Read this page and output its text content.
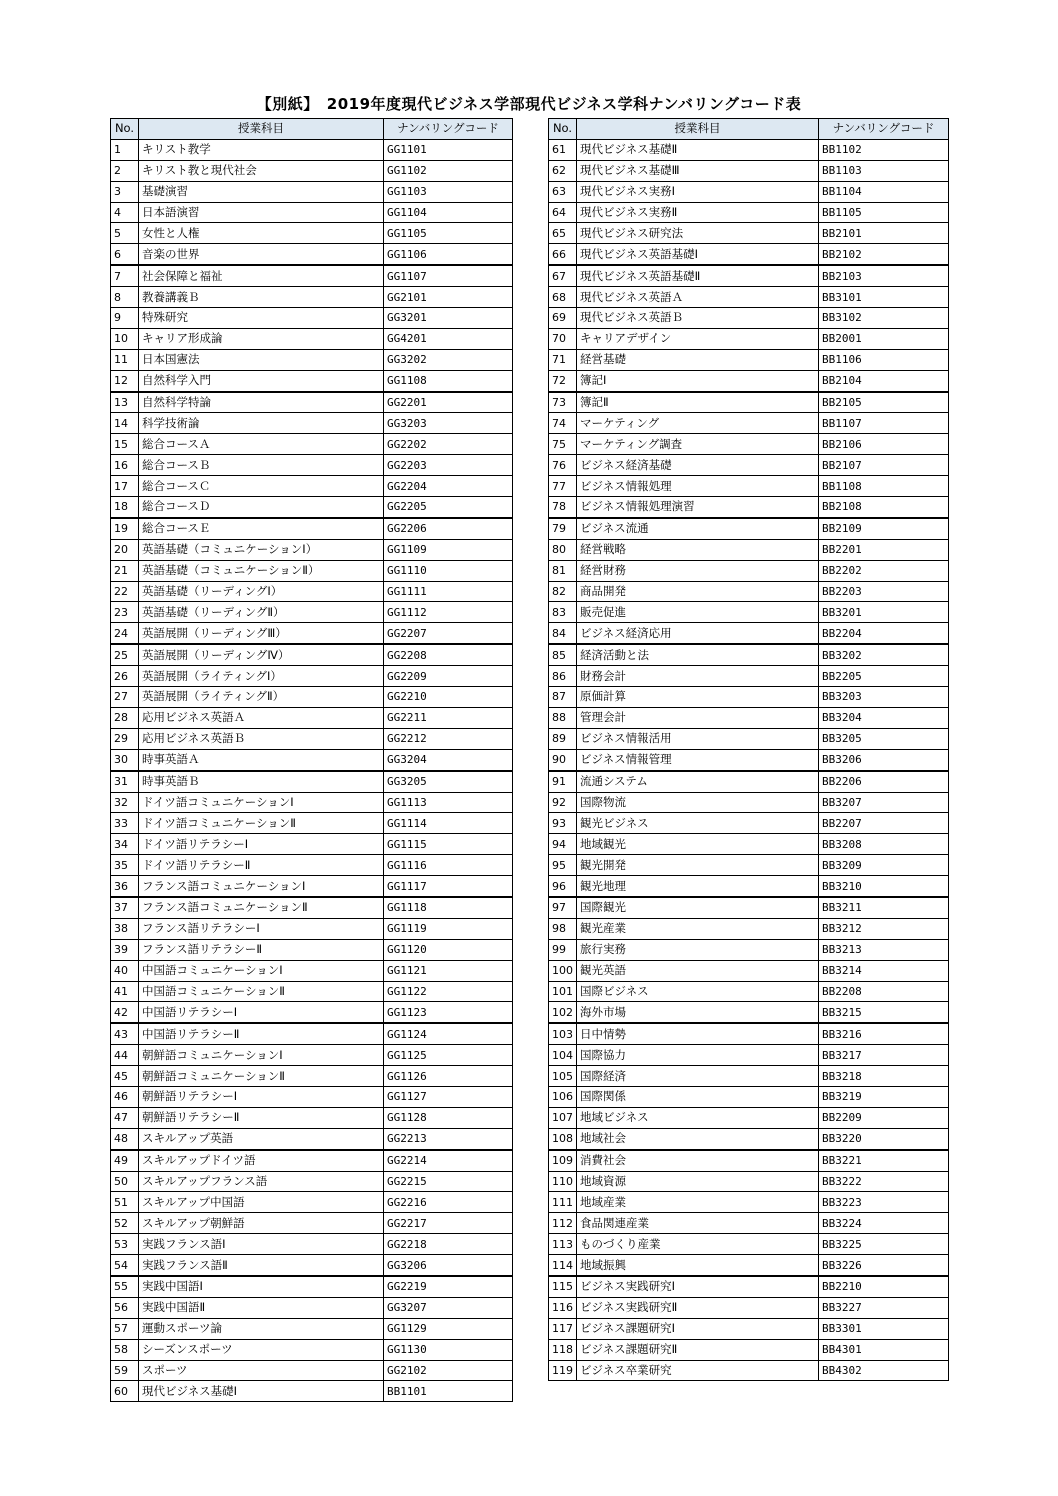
【別紙】　2019年度現代ビジネス学部現代ビジネス学科ナンバリングコード表
No.	授業科目	ナンバリングコード
1	キリスト教学	GG1101
2	キリスト教と現代社会	GG1102
3	基礎演習	GG1103
4	日本語演習	GG1104
5	女性と人権	GG1105
6	音楽の世界	GG1106
7	社会保障と福祉	GG1107
8	教養講義Ｂ	GG2101
9	特殊研究	GG3201
10	キャリア形成論	GG4201
11	日本国憲法	GG3202
12	自然科学入門	GG1108
13	自然科学特論	GG2201
14	科学技術論	GG3203
15	総合コースＡ	GG2202
16	総合コースＢ	GG2203
17	総合コースＣ	GG2204
18	総合コースＤ	GG2205
19	総合コースＥ	GG2206
20	英語基礎（コミュニケーションⅠ）	GG1109
21	英語基礎（コミュニケーションⅡ）	GG1110
22	英語基礎（リーディングⅠ）	GG1111
23	英語基礎（リーディングⅡ）	GG1112
24	英語展開（リーディングⅢ）	GG2207
25	英語展開（リーディングⅣ）	GG2208
26	英語展開（ライティングⅠ）	GG2209
27	英語展開（ライティングⅡ）	GG2210
28	応用ビジネス英語Ａ	GG2211
29	応用ビジネス英語Ｂ	GG2212
30	時事英語Ａ	GG3204
31	時事英語Ｂ	GG3205
32	ドイツ語コミュニケーションⅠ	GG1113
33	ドイツ語コミュニケーションⅡ	GG1114
34	ドイツ語リテラシーⅠ	GG1115
35	ドイツ語リテラシーⅡ	GG1116
36	フランス語コミュニケーションⅠ	GG1117
37	フランス語コミュニケーションⅡ	GG1118
38	フランス語リテラシーⅠ	GG1119
39	フランス語リテラシーⅡ	GG1120
40	中国語コミュニケーションⅠ	GG1121
41	中国語コミュニケーションⅡ	GG1122
42	中国語リテラシーⅠ	GG1123
43	中国語リテラシーⅡ	GG1124
44	朝鮮語コミュニケーションⅠ	GG1125
45	朝鮮語コミュニケーションⅡ	GG1126
46	朝鮮語リテラシーⅠ	GG1127
47	朝鮮語リテラシーⅡ	GG1128
48	スキルアップ英語	GG2213
49	スキルアップドイツ語	GG2214
50	スキルアップフランス語	GG2215
51	スキルアップ中国語	GG2216
52	スキルアップ朝鮮語	GG2217
53	実践フランス語Ⅰ	GG2218
54	実践フランス語Ⅱ	GG3206
55	実践中国語Ⅰ	GG2219
56	実践中国語Ⅱ	GG3207
57	運動スポーツ論	GG1129
58	シーズンスポーツ	GG1130
59	スポーツ	GG2102
60	現代ビジネス基礎Ⅰ	BB1101
No.	授業科目	ナンバリングコード
61	現代ビジネス基礎Ⅱ	BB1102
62	現代ビジネス基礎Ⅲ	BB1103
63	現代ビジネス実務Ⅰ	BB1104
64	現代ビジネス実務Ⅱ	BB1105
65	現代ビジネス研究法	BB2101
66	現代ビジネス英語基礎Ⅰ	BB2102
67	現代ビジネス英語基礎Ⅱ	BB2103
68	現代ビジネス英語Ａ	BB3101
69	現代ビジネス英語Ｂ	BB3102
70	キャリアデザイン	BB2001
71	経営基礎	BB1106
72	簿記Ⅰ	BB2104
73	簿記Ⅱ	BB2105
74	マーケティング	BB1107
75	マーケティング調査	BB2106
76	ビジネス経済基礎	BB2107
77	ビジネス情報処理	BB1108
78	ビジネス情報処理演習	BB2108
79	ビジネス流通	BB2109
80	経営戦略	BB2201
81	経営財務	BB2202
82	商品開発	BB2203
83	販売促進	BB3201
84	ビジネス経済応用	BB2204
85	経済活動と法	BB3202
86	財務会計	BB2205
87	原価計算	BB3203
88	管理会計	BB3204
89	ビジネス情報活用	BB3205
90	ビジネス情報管理	BB3206
91	流通システム	BB2206
92	国際物流	BB3207
93	観光ビジネス	BB2207
94	地域観光	BB3208
95	観光開発	BB3209
96	観光地理	BB3210
97	国際観光	BB3211
98	観光産業	BB3212
99	旅行実務	BB3213
100	観光英語	BB3214
101	国際ビジネス	BB2208
102	海外市場	BB3215
103	日中情勢	BB3216
104	国際協力	BB3217
105	国際経済	BB3218
106	国際関係	BB3219
107	地域ビジネス	BB2209
108	地域社会	BB3220
109	消費社会	BB3221
110	地域資源	BB3222
111	地域産業	BB3223
112	食品関連産業	BB3224
113	ものづくり産業	BB3225
114	地域振興	BB3226
115	ビジネス実践研究Ⅰ	BB2210
116	ビジネス実践研究Ⅱ	BB3227
117	ビジネス課題研究Ⅰ	BB3301
118	ビジネス課題研究Ⅱ	BB4301
119	ビジネス卒業研究	BB4302
